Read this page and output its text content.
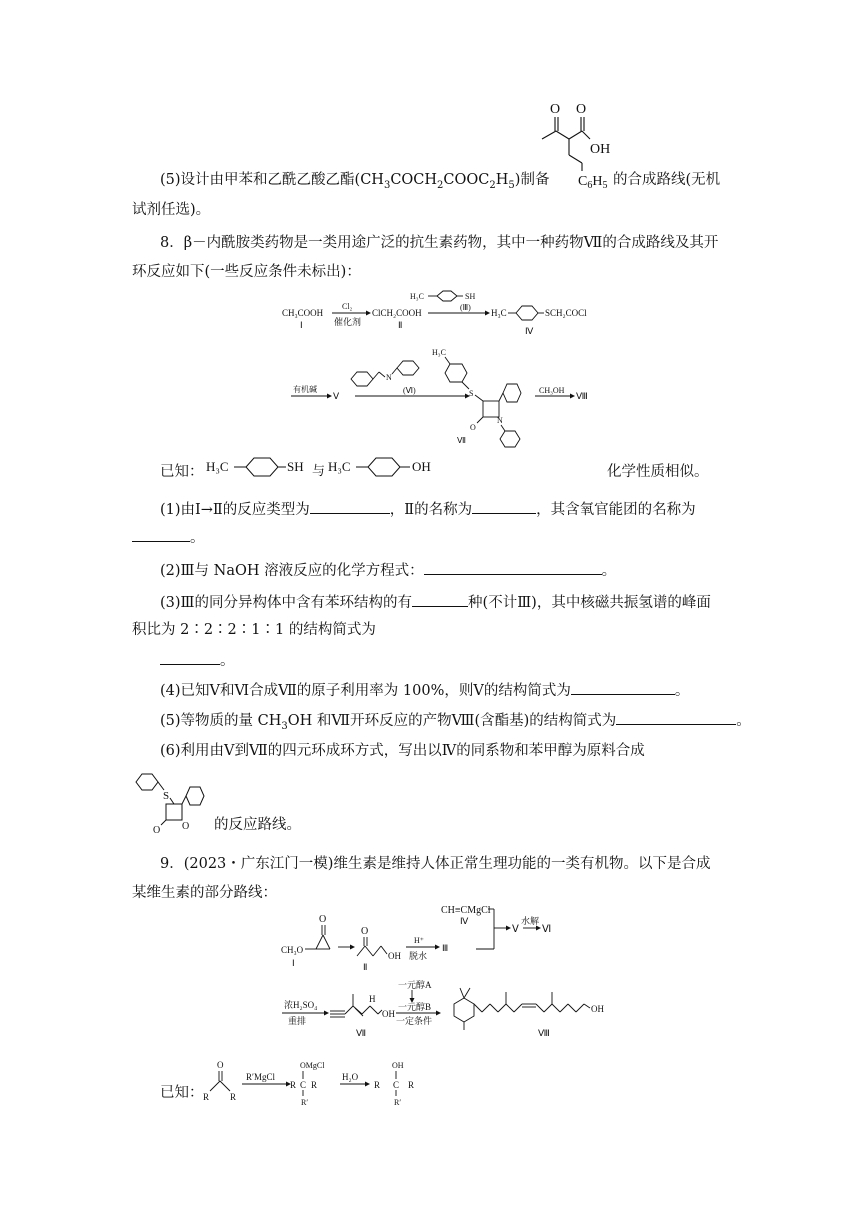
O O
OH
$C_6H_5$
(5)设计由甲苯和乙酰乙酸乙酯$(CH_3COCH_2COOC_2H_5)$制备	的合成路线(无机
试剂任选)。
8．β－内酰胺类药物是一类用途广泛的抗生素药物，其中一种药物Ⅶ的合成路线及其开
环反应如下(一些反应条件未标出)：
CH₃COOH
Ⅰ
Cl₂
催化剂
ClCH₂COOH
Ⅱ
H₃C	SH
(Ⅲ)
H₃C	SCH₂COCl
Ⅳ
有机碱
Ⅴ
N
(Ⅵ)
H₃C
S
N
O
Ⅶ
CH₃OH
Ⅷ
已知：	化学性质相似。
H₃C	SH 与 H₃C	OH
(1)由Ⅰ→Ⅱ的反应类型为	，Ⅱ的名称为	，其含氧官能团的名称为
。
(2)Ⅲ与 NaOH 溶液反应的化学方程式：	。
(3)Ⅲ的同分异构体中含有苯环结构的有	种(不计Ⅲ)，其中核磁共振氢谱的峰面
积比为 2∶2∶2∶1∶1 的结构简式为
。
(4)已知Ⅴ和Ⅵ合成Ⅶ的原子利用率为 100%，则Ⅴ的结构简式为	。
(5)等物质的量 $CH_3OH$ 和Ⅶ开环反应的产物Ⅷ(含酯基)的结构简式为	。
(6)利用由Ⅴ到Ⅶ的四元环成环方式，写出以Ⅳ的同系物和苯甲醇为原料合成
S
O
O	的反应路线。
9．(2023・广东江门一模)维生素是维持人体正常生理功能的一类有机物。以下是合成
某维生素的部分路线：
CH≡CMgCl
Ⅳ
Ⅴ
水解
Ⅵ
O
CH₃O
Ⅰ
O
OH
Ⅱ
H⁺
脱水
Ⅲ
浓H₂SO₄
重排
H
OH
Ⅶ
一元醇A
一元醇B
一定条件
OH
Ⅷ
已知：
O
R R
R′MgCl
OMgCl
R C R
R′
H₂O
OH
R C R
R′
